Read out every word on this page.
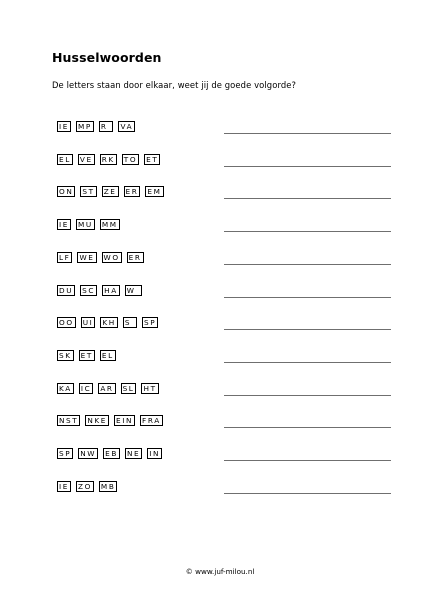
Husselwoorden
De letters staan door elkaar, weet jij de goede volgorde?
IE MP R VA
EL VE RK TO ET
ON ST ZE ER EM
IE MU MM
LF WE WO ER
DU SC HA W
OO UI KH S SP
SK ET EL
KA IC AR SL HT
NST NKE EIN FRA
SP NW EB NE IN
IE ZO MB
© www.juf-milou.nl
